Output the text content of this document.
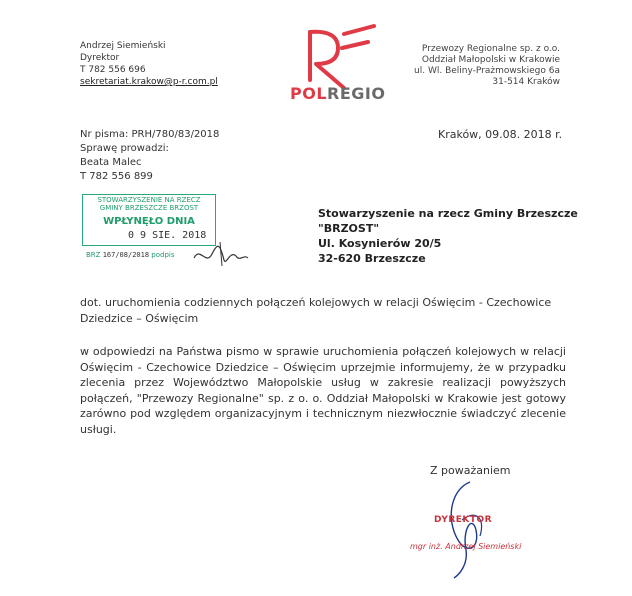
Andrzej Siemieński
Dyrektor
T 782 556 696
sekretariat.krakow@p-r.com.pl
POLREGIO
Przewozy Regionalne sp. z o.o.
Oddział Małopolski w Krakowie
ul. Wl. Beliny-Prażmowskiego 6a
31-514 Kraków
Nr pisma: PRH/780/83/2018
Sprawę prowadzi:
Beata Malec
T 782 556 899
Kraków, 09.08. 2018 r.
STOWARZYSZENIE NA RZECZ
GMINY BRZESZCZE BRZOST
WPŁYNĘŁO DNIA
0 9 SIE. 2018
BRZ 167/08/2018 podpis
Stowarzyszenie na rzecz Gminy Brzeszcze
"BRZOST"
Ul. Kosynierów 20/5
32-620 Brzeszcze
dot. uruchomienia codziennych połączeń kolejowych w relacji Oświęcim - Czechowice Dziedzice – Oświęcim
w odpowiedzi na Państwa pismo w sprawie uruchomienia połączeń kolejowych w relacji Oświęcim - Czechowice Dziedzice – Oświęcim uprzejmie informujemy, że w przypadku zlecenia przez Województwo Małopolskie usług w zakresie realizacji powyższych połączeń, "Przewozy Regionalne" sp. z o. o. Oddział Małopolski w Krakowie jest gotowy zarówno pod względem organizacyjnym i technicznym niezwłocznie świadczyć zlecenie usługi.
Z poważaniem
DYREKTOR
mgr inż. Andrzej Siemieński
